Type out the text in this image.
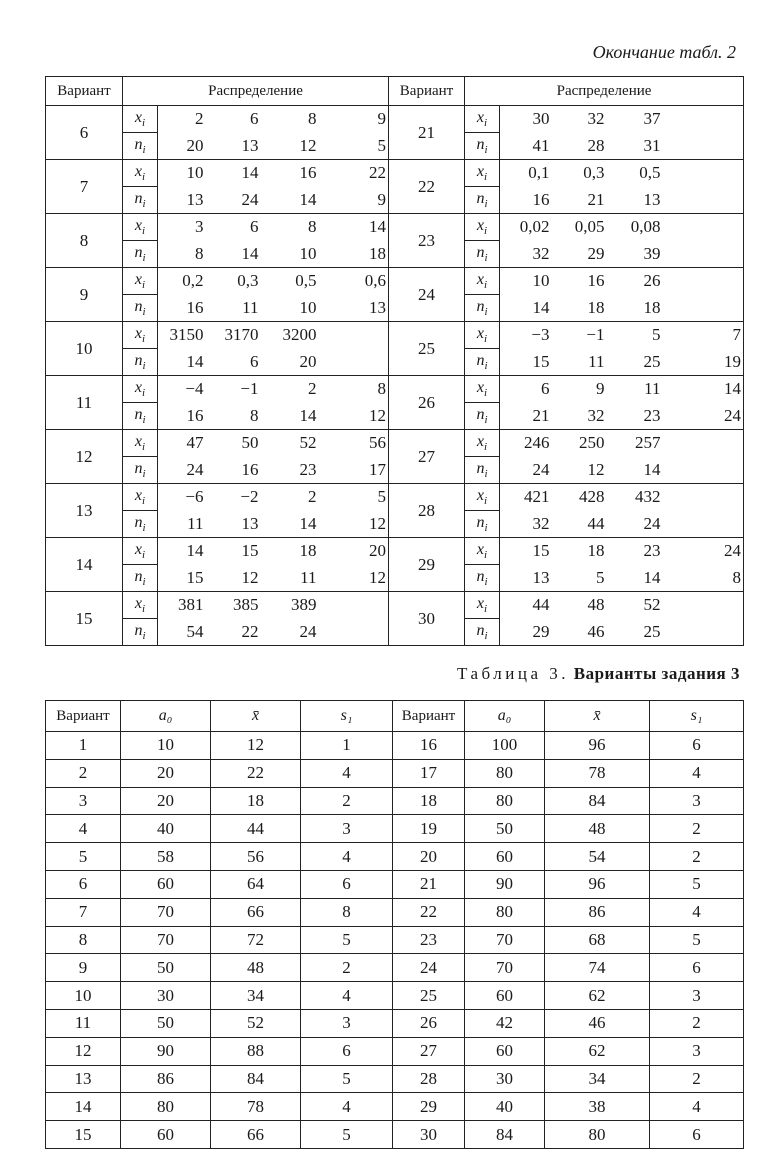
Окончание табл. 2
Вариант	Распределение					Вариант	Распределение				
6	$x_i$	2	6	8	9	21	$x_i$	30	32	37	
	$n_i$	20	13	12	5		$n_i$	41	28	31	
7	$x_i$	10	14	16	22	22	$x_i$	0,1	0,3	0,5	
	$n_i$	13	24	14	9		$n_i$	16	21	13	
8	$x_i$	3	6	8	14	23	$x_i$	0,02	0,05	0,08	
	$n_i$	8	14	10	18		$n_i$	32	29	39	
9	$x_i$	0,2	0,3	0,5	0,6	24	$x_i$	10	16	26	
	$n_i$	16	11	10	13		$n_i$	14	18	18	
10	$x_i$	3150	3170	3200		25	$x_i$	−3	−1	5	7
	$n_i$	14	6	20			$n_i$	15	11	25	19
11	$x_i$	−4	−1	2	8	26	$x_i$	6	9	11	14
	$n_i$	16	8	14	12		$n_i$	21	32	23	24
12	$x_i$	47	50	52	56	27	$x_i$	246	250	257	
	$n_i$	24	16	23	17		$n_i$	24	12	14	
13	$x_i$	−6	−2	2	5	28	$x_i$	421	428	432	
	$n_i$	11	13	14	12		$n_i$	32	44	24	
14	$x_i$	14	15	18	20	29	$x_i$	15	18	23	24
	$n_i$	15	12	11	12		$n_i$	13	5	14	8
15	$x_i$	381	385	389		30	$x_i$	44	48	52	
	$n_i$	54	22	24			$n_i$	29	46	25	
Таблица 3. Варианты задания 3
Вариант	a₀	x̄	s₁	Вариант	a₀	x̄	s₁
1	10	12	1	16	100	96	6
2	20	22	4	17	80	78	4
3	20	18	2	18	80	84	3
4	40	44	3	19	50	48	2
5	58	56	4	20	60	54	2
6	60	64	6	21	90	96	5
7	70	66	8	22	80	86	4
8	70	72	5	23	70	68	5
9	50	48	2	24	70	74	6
10	30	34	4	25	60	62	3
11	50	52	3	26	42	46	2
12	90	88	6	27	60	62	3
13	86	84	5	28	30	34	2
14	80	78	4	29	40	38	4
15	60	66	5	30	84	80	6
